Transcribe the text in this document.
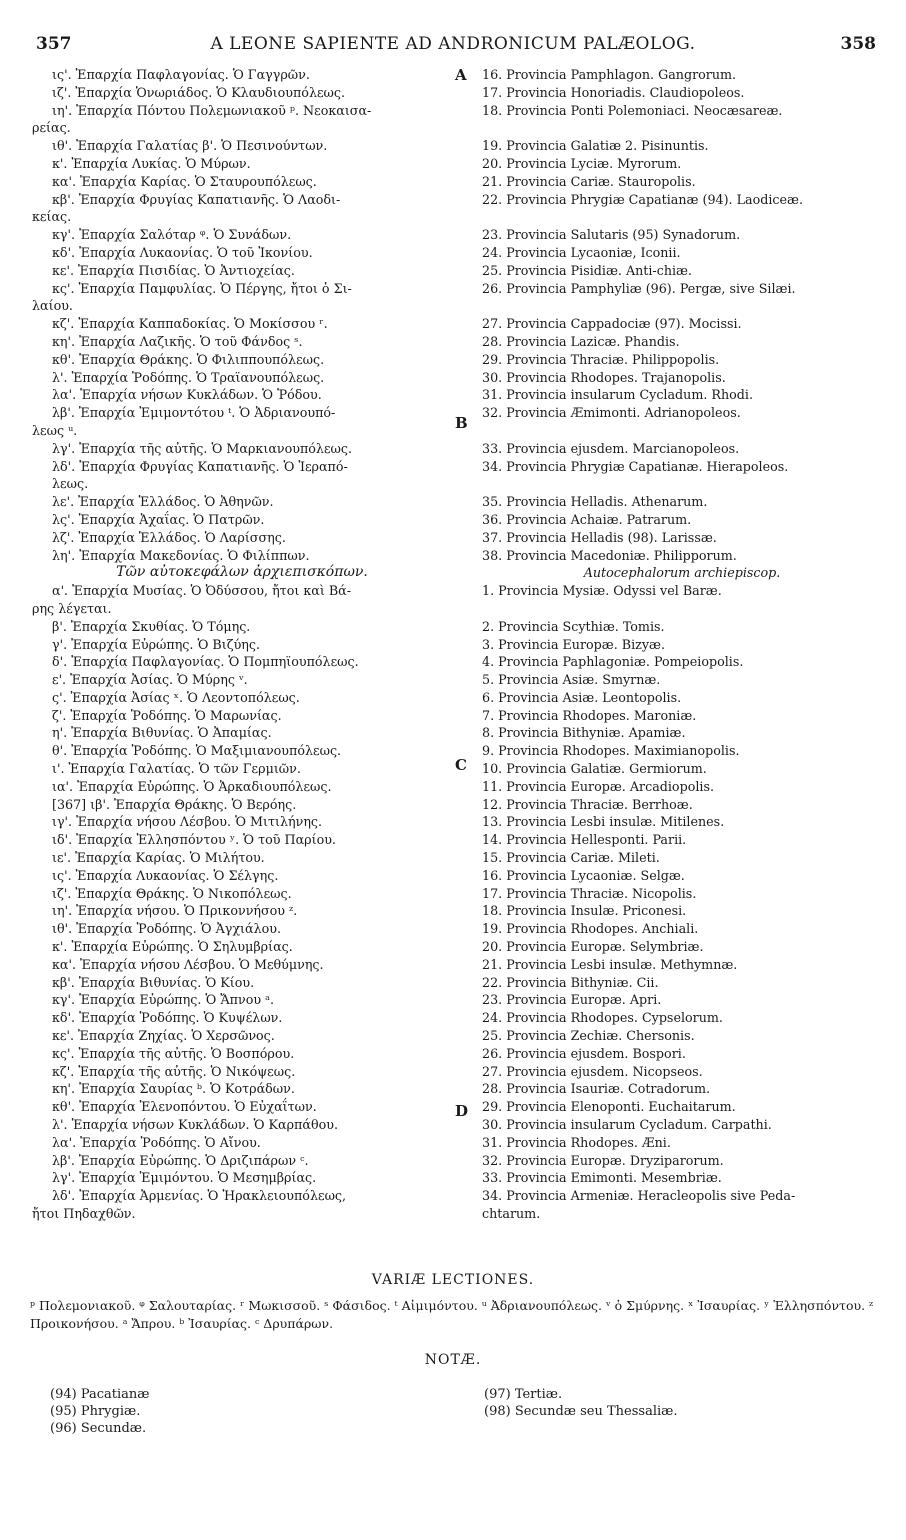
357	A LEONE SAPIENTE AD ANDRONICUM PALÆOLOG.	358
ις'. Ἐπαρχία Παφλαγονίας. Ὁ Γαγγρῶν.
ιζ'. Ἐπαρχία Ὁνωριάδος. Ὁ Κλαυδιουπόλεως.
ιη'. Ἐπαρχία Πόντου Πολεμωνιακοῦ ᵖ. Νεοκαισα-
ρείας.
ιθ'. Ἐπαρχία Γαλατίας β'. Ὁ Πεσινούντων.
κ'. Ἐπαρχία Λυκίας. Ὁ Μύρων.
κα'. Ἐπαρχία Καρίας. Ὁ Σταυρουπόλεως.
κβ'. Ἐπαρχία Φρυγίας Καπατιανῆς. Ὁ Λαοδι-
κείας.
κγ'. Ἐπαρχία Σαλόταρ ᵠ. Ὁ Συνάδων.
κδ'. Ἐπαρχία Λυκαονίας. Ὁ τοῦ Ἰκονίου.
κε'. Ἐπαρχία Πισιδίας. Ὁ Ἀντιοχείας.
κς'. Ἐπαρχία Παμφυλίας. Ὁ Πέργης, ἤτοι ὁ Σι-
λαίου.
κζ'. Ἐπαρχία Καππαδοκίας. Ὁ Μοκίσσου ʳ.
κη'. Ἐπαρχία Λαζικῆς. Ὁ τοῦ Φάνδος ˢ.
κθ'. Ἐπαρχία Θράκης. Ὁ Φιλιππουπόλεως.
λ'. Ἐπαρχία Ῥοδόπης. Ὁ Τραϊανουπόλεως.
λα'. Ἐπαρχία νήσων Κυκλάδων. Ὁ Ῥόδου.
λβ'. Ἐπαρχία Ἐμιμοντότου ᵗ. Ὁ Ἀδριανουπό-
λεως ᵘ.
λγ'. Ἐπαρχία τῆς αὐτῆς. Ὁ Μαρκιανουπόλεως.
λδ'. Ἐπαρχία Φρυγίας Καπατιανῆς. Ὁ Ἱεραπό-
λεως.
λε'. Ἐπαρχία Ἑλλάδος. Ὁ Ἀθηνῶν.
λς'. Ἐπαρχία Ἀχαΐας. Ὁ Πατρῶν.
λζ'. Ἐπαρχία Ἑλλάδος. Ὁ Λαρίσσης.
λη'. Ἐπαρχία Μακεδονίας. Ὁ Φιλίππων.
Τῶν αὐτοκεφάλων ἀρχιεπισκόπων.
α'. Ἐπαρχία Μυσίας. Ὁ Ὀδύσσου, ἤτοι καὶ Βά-
ρης λέγεται.
β'. Ἐπαρχία Σκυθίας. Ὁ Τόμης.
γ'. Ἐπαρχία Εὐρώπης. Ὁ Βιζύης.
δ'. Ἐπαρχία Παφλαγονίας. Ὁ Πομπηϊουπόλεως.
ε'. Ἐπαρχία Ἀσίας. Ὁ Μύρης ᵛ.
ς'. Ἐπαρχία Ἀσίας ˣ. Ὁ Λεοντοπόλεως.
ζ'. Ἐπαρχία Ῥοδόπης. Ὁ Μαρωνίας.
η'. Ἐπαρχία Βιθυνίας. Ὁ Ἀπαμίας.
θ'. Ἐπαρχία Ῥοδόπης. Ὁ Μαξιμιανουπόλεως.
ι'. Ἐπαρχία Γαλατίας. Ὁ τῶν Γερμιῶν.
ια'. Ἐπαρχία Εὐρώπης. Ὁ Ἀρκαδιουπόλεως.
[367] ιβ'. Ἐπαρχία Θράκης. Ὁ Βερόης.
ιγ'. Ἐπαρχία νήσου Λέσβου. Ὁ Μιτιλήνης.
ιδ'. Ἐπαρχία Ἑλλησπόντου ʸ. Ὁ τοῦ Παρίου.
ιε'. Ἐπαρχία Καρίας. Ὁ Μιλήτου.
ις'. Ἐπαρχία Λυκαονίας. Ὁ Σέλγης.
ιζ'. Ἐπαρχία Θράκης. Ὁ Νικοπόλεως.
ιη'. Ἐπαρχία νήσου. Ὁ Πρικοννήσου ᶻ.
ιθ'. Ἐπαρχία Ῥοδόπης. Ὁ Ἀγχιάλου.
κ'. Ἐπαρχία Εὐρώπης. Ὁ Σηλυμβρίας.
κα'. Ἐπαρχία νήσου Λέσβου. Ὁ Μεθύμνης.
κβ'. Ἐπαρχία Βιθυνίας. Ὁ Κίου.
κγ'. Ἐπαρχία Εὐρώπης. Ὁ Ἄπνου ᵃ.
κδ'. Ἐπαρχία Ῥοδόπης. Ὁ Κυψέλων.
κε'. Ἐπαρχία Ζηχίας. Ὁ Χερσῶνος.
κς'. Ἐπαρχία τῆς αὐτῆς. Ὁ Βοσπόρου.
κζ'. Ἐπαρχία τῆς αὐτῆς. Ὁ Νικόψεως.
κη'. Ἐπαρχία Σαυρίας ᵇ. Ὁ Κοτράδων.
κθ'. Ἐπαρχία Ἐλενοπόντου. Ὁ Εὐχαΐτων.
λ'. Ἐπαρχία νήσων Κυκλάδων. Ὁ Καρπάθου.
λα'. Ἐπαρχία Ῥοδόπης. Ὁ Αἴνου.
λβ'. Ἐπαρχία Εὐρώπης. Ὁ Δριζιπάρων ᶜ.
λγ'. Ἐπαρχία Ἐμιμόντου. Ὁ Μεσημβρίας.
λδ'. Ἐπαρχία Ἀρμενίας. Ὁ Ἡρακλειουπόλεως,
ἤτοι Πηδαχθῶν.
16. Provincia Pamphlagon. Gangrorum.
17. Provincia Honoriadis. Claudiopoleos.
18. Provincia Ponti Polemoniaci. Neocæsareæ.
19. Provincia Galatiæ 2. Pisinuntis.
20. Provincia Lyciæ. Myrorum.
21. Provincia Cariæ. Stauropolis.
22. Provincia Phrygiæ Capatianæ (94). Laodiceæ.
23. Provincia Salutaris (95) Synadorum.
24. Provincia Lycaoniæ, Iconii.
25. Provincia Pisidiæ. Anti-chiæ.
26. Provincia Pamphyliæ (96). Pergæ, sive Silæi.
27. Provincia Cappadociæ (97). Mocissi.
28. Provincia Lazicæ. Phandis.
29. Provincia Thraciæ. Philippopolis.
30. Provincia Rhodopes. Trajanopolis.
31. Provincia insularum Cycladum. Rhodi.
32. Provincia Æmimonti. Adrianopoleos.
33. Provincia ejusdem. Marcianopoleos.
34. Provincia Phrygiæ Capatianæ. Hierapoleos.
35. Provincia Helladis. Athenarum.
36. Provincia Achaiæ. Patrarum.
37. Provincia Helladis (98). Larissæ.
38. Provincia Macedoniæ. Philipporum.
Autocephalorum archiepiscop.
1. Provincia Mysiæ. Odyssi vel Baræ.
2. Provincia Scythiæ. Tomis.
3. Provincia Europæ. Bizyæ.
4. Provincia Paphlagoniæ. Pompeiopolis.
5. Provincia Asiæ. Smyrnæ.
6. Provincia Asiæ. Leontopolis.
7. Provincia Rhodopes. Maroniæ.
8. Provincia Bithyniæ. Apamiæ.
9. Provincia Rhodopes. Maximianopolis.
10. Provincia Galatiæ. Germiorum.
11. Provincia Europæ. Arcadiopolis.
12. Provincia Thraciæ. Berrhoæ.
13. Provincia Lesbi insulæ. Mitilenes.
14. Provincia Hellesponti. Parii.
15. Provincia Cariæ. Mileti.
16. Provincia Lycaoniæ. Selgæ.
17. Provincia Thraciæ. Nicopolis.
18. Provincia Insulæ. Priconesi.
19. Provincia Rhodopes. Anchiali.
20. Provincia Europæ. Selymbriæ.
21. Provincia Lesbi insulæ. Methymnæ.
22. Provincia Bithyniæ. Cii.
23. Provincia Europæ. Apri.
24. Provincia Rhodopes. Cypselorum.
25. Provincia Zechiæ. Chersonis.
26. Provincia ejusdem. Bospori.
27. Provincia ejusdem. Nicopseos.
28. Provincia Isauriæ. Cotradorum.
29. Provincia Elenoponti. Euchaitarum.
30. Provincia insularum Cycladum. Carpathi.
31. Provincia Rhodopes. Æni.
32. Provincia Europæ. Dryziparorum.
33. Provincia Emimonti. Mesembriæ.
34. Provincia Armeniæ. Heracleopolis sive Peda-
chtarum.
A
B
C
D
VARIÆ LECTIONES.
ᵖ Πολεμονιακοῦ. ᵠ Σαλουταρίας. ʳ Μωκισσοῦ. ˢ Φάσιδος. ᵗ Αἰμιμόντου. ᵘ Ἀδριανουπόλεως. ᵛ ὁ Σμύρνης. ˣ Ἰσαυρίας. ʸ Ἑλλησπόντου. ᶻ Προικονήσου. ᵃ Ἄπρου. ᵇ Ἰσαυρίας. ᶜ Δρυπάρων.
NOTÆ.
(94) Pacatianæ
(95) Phrygiæ.
(96) Secundæ.
(97) Tertiæ.
(98) Secundæ seu Thessaliæ.
